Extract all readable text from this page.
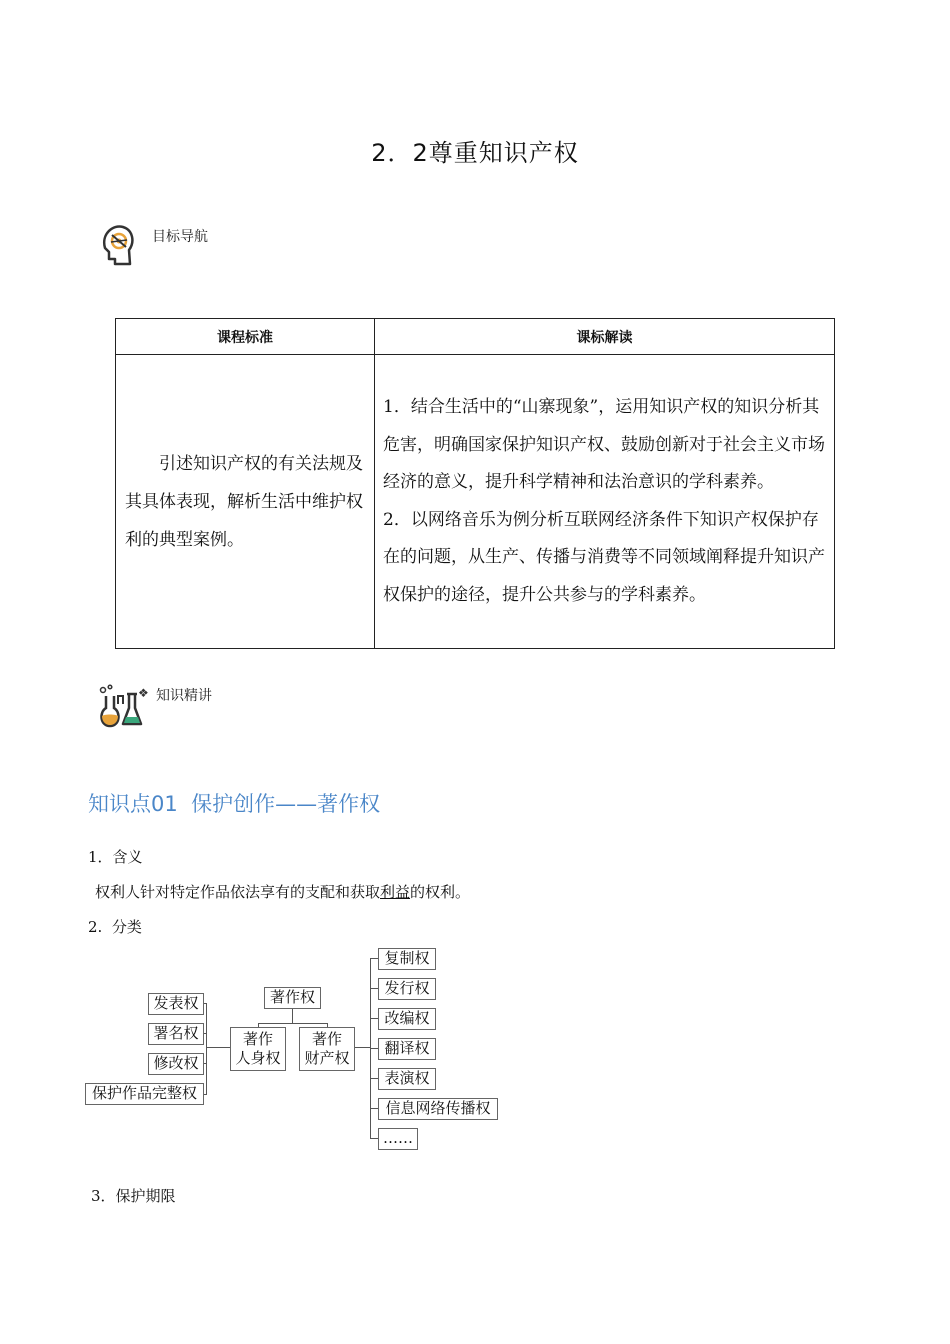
2．2尊重知识产权
目标导航
课程标准	课标解读
引述知识产权的有关法规及其具体表现，解析生活中维护权利的典型案例。	1．结合生活中的“山寨现象”，运用知识产权的知识分析其危害，明确国家保护知识产权、鼓励创新对于社会主义市场经济的意义，提升科学精神和法治意识的学科素养。
2．以网络音乐为例分析互联网经济条件下知识产权保护存在的问题，从生产、传播与消费等不同领域阐释提升知识产权保护的途径，提升公共参与的学科素养。
❖ 知识精讲
知识点01  保护创作——著作权
1．含义
权利人针对特定作品依法享有的支配和获取利益的权利。
2.  分类
著作权
著作
人身权
著作
财产权
发表权
署名权
修改权
保护作品完整权
复制权
发行权
改编权
翻译权
表演权
信息网络传播权
……
3．保护期限
